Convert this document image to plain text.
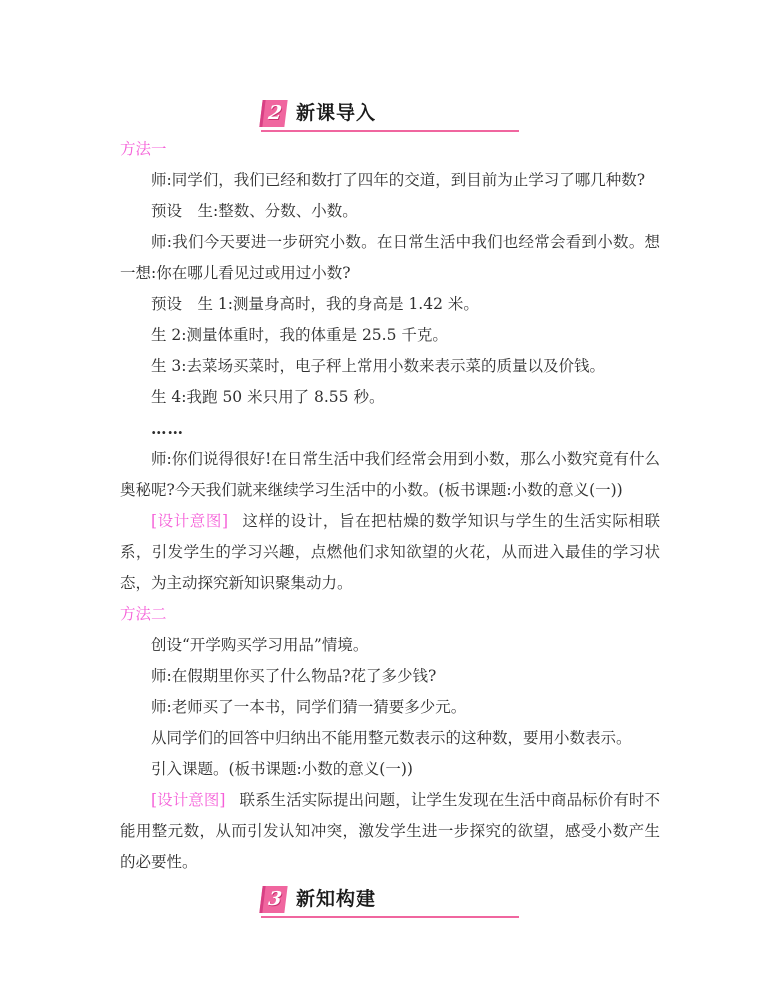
2 新课导入
方法一

师:同学们，我们已经和数打了四年的交道，到目前为止学习了哪几种数?

预设　生:整数、分数、小数。

师:我们今天要进一步研究小数。在日常生活中我们也经常会看到小数。想一想:你在哪儿看见过或用过小数?

预设　生 1:测量身高时，我的身高是 1.42 米。

生 2:测量体重时，我的体重是 25.5 千克。

生 3:去菜场买菜时，电子秤上常用小数来表示菜的质量以及价钱。

生 4:我跑 50 米只用了 8.55 秒。

……

师:你们说得很好!在日常生活中我们经常会用到小数，那么小数究竟有什么奥秘呢?今天我们就来继续学习生活中的小数。(板书课题:小数的意义(一))

[设计意图] 这样的设计，旨在把枯燥的数学知识与学生的生活实际相联系，引发学生的学习兴趣，点燃他们求知欲望的火花，从而进入最佳的学习状态，为主动探究新知识聚集动力。

方法二

创设“开学购买学习用品”情境。

师:在假期里你买了什么物品?花了多少钱?

师:老师买了一本书，同学们猜一猜要多少元。

从同学们的回答中归纳出不能用整元数表示的这种数，要用小数表示。

引入课题。(板书课题:小数的意义(一))

[设计意图] 联系生活实际提出问题，让学生发现在生活中商品标价有时不能用整元数，从而引发认知冲突，激发学生进一步探究的欲望，感受小数产生的必要性。

3 新知构建
